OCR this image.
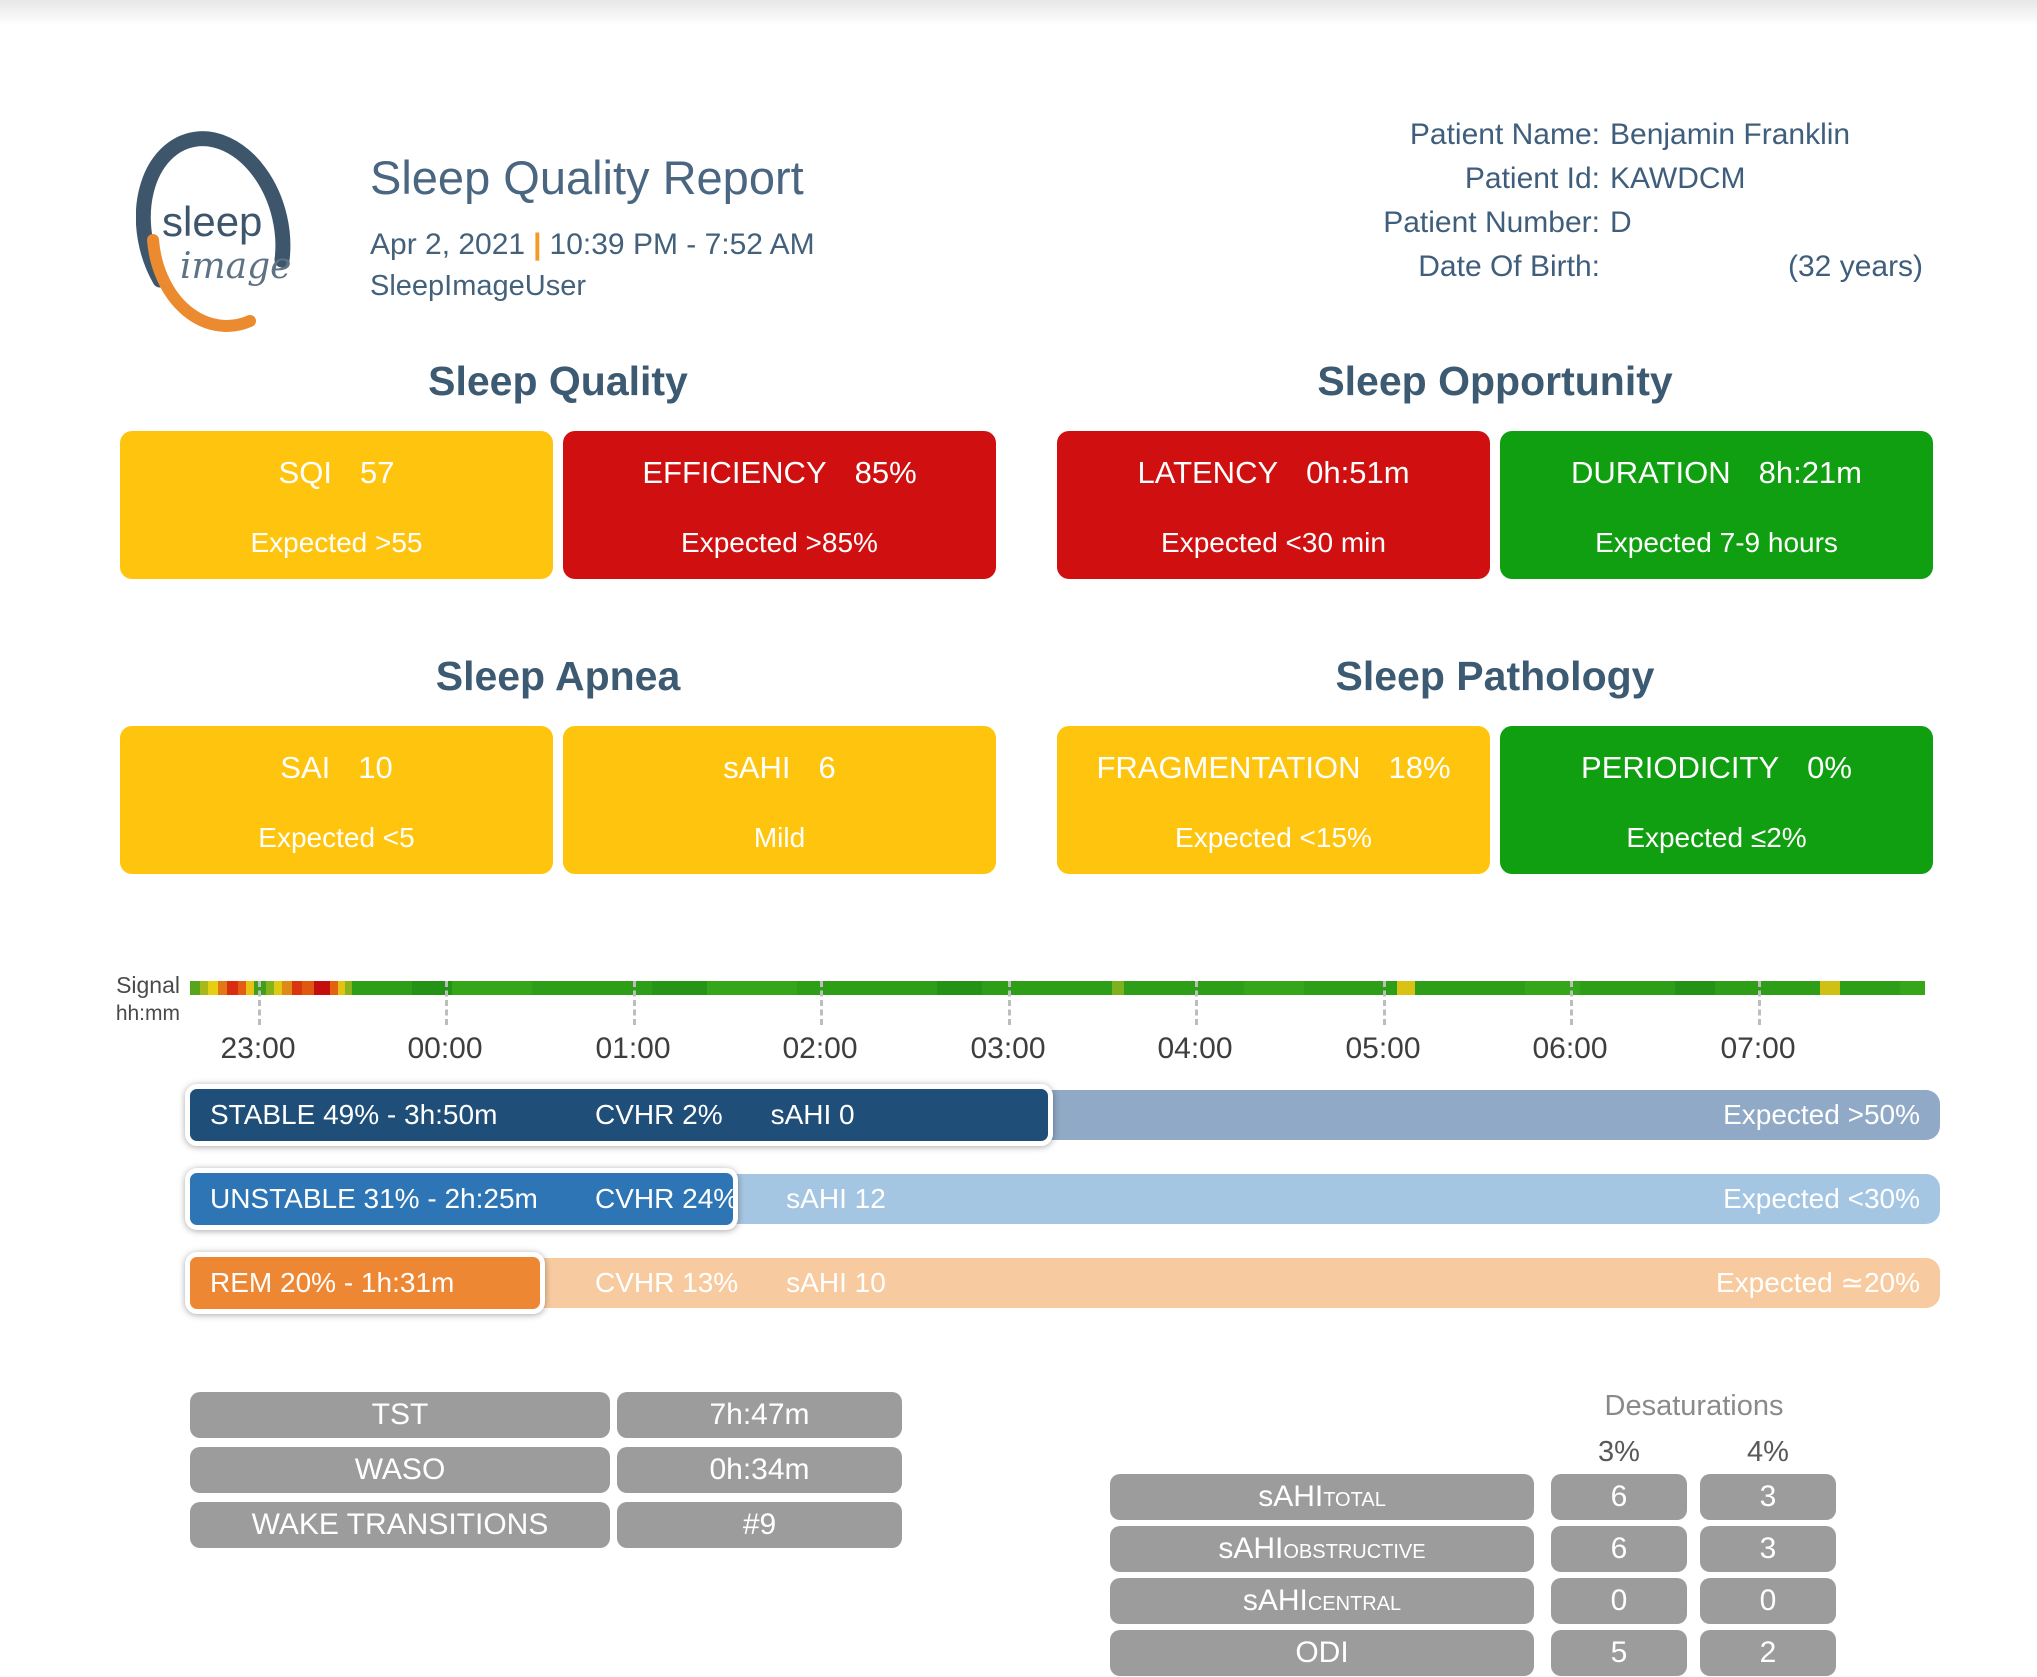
sleep
image
Sleep Quality Report
Apr 2, 2021 | 10:39 PM - 7:52 AM
SleepImageUser
Patient Name: Benjamin Franklin
Patient Id: KAWDCM
Patient Number: D
Date Of Birth:	(32 years)
Sleep Quality
SQI 57
Expected >55
EFFICIENCY 85%
Expected >85%
Sleep Opportunity
LATENCY 0h:51m
Expected <30 min
DURATION 8h:21m
Expected 7-9 hours
Sleep Apnea
SAI 10
Expected <5
sAHI 6
Mild
Sleep Pathology
FRAGMENTATION 18%
Expected <15%
PERIODICITY 0%
Expected ≤2%
Signal
hh:mm
23:00	00:00	01:00	02:00	03:00	04:00	05:00	06:00	07:00
STABLE 49% - 3h:50m	CVHR 2% sAHI 0	Expected >50%
UNSTABLE 31% - 2h:25m CVHR 24% sAHI 12	Expected <30%
REM 20% - 1h:31m	CVHR 13% sAHI 10	Expected ≃20%
TST	7h:47m
WASO	0h:34m
WAKE TRANSITIONS	#9
Desaturations
3%	4%
sAHITOTAL	6	3
sAHIOBSTRUCTIVE	6	3
sAHICENTRAL	0	0
ODI	5	2
